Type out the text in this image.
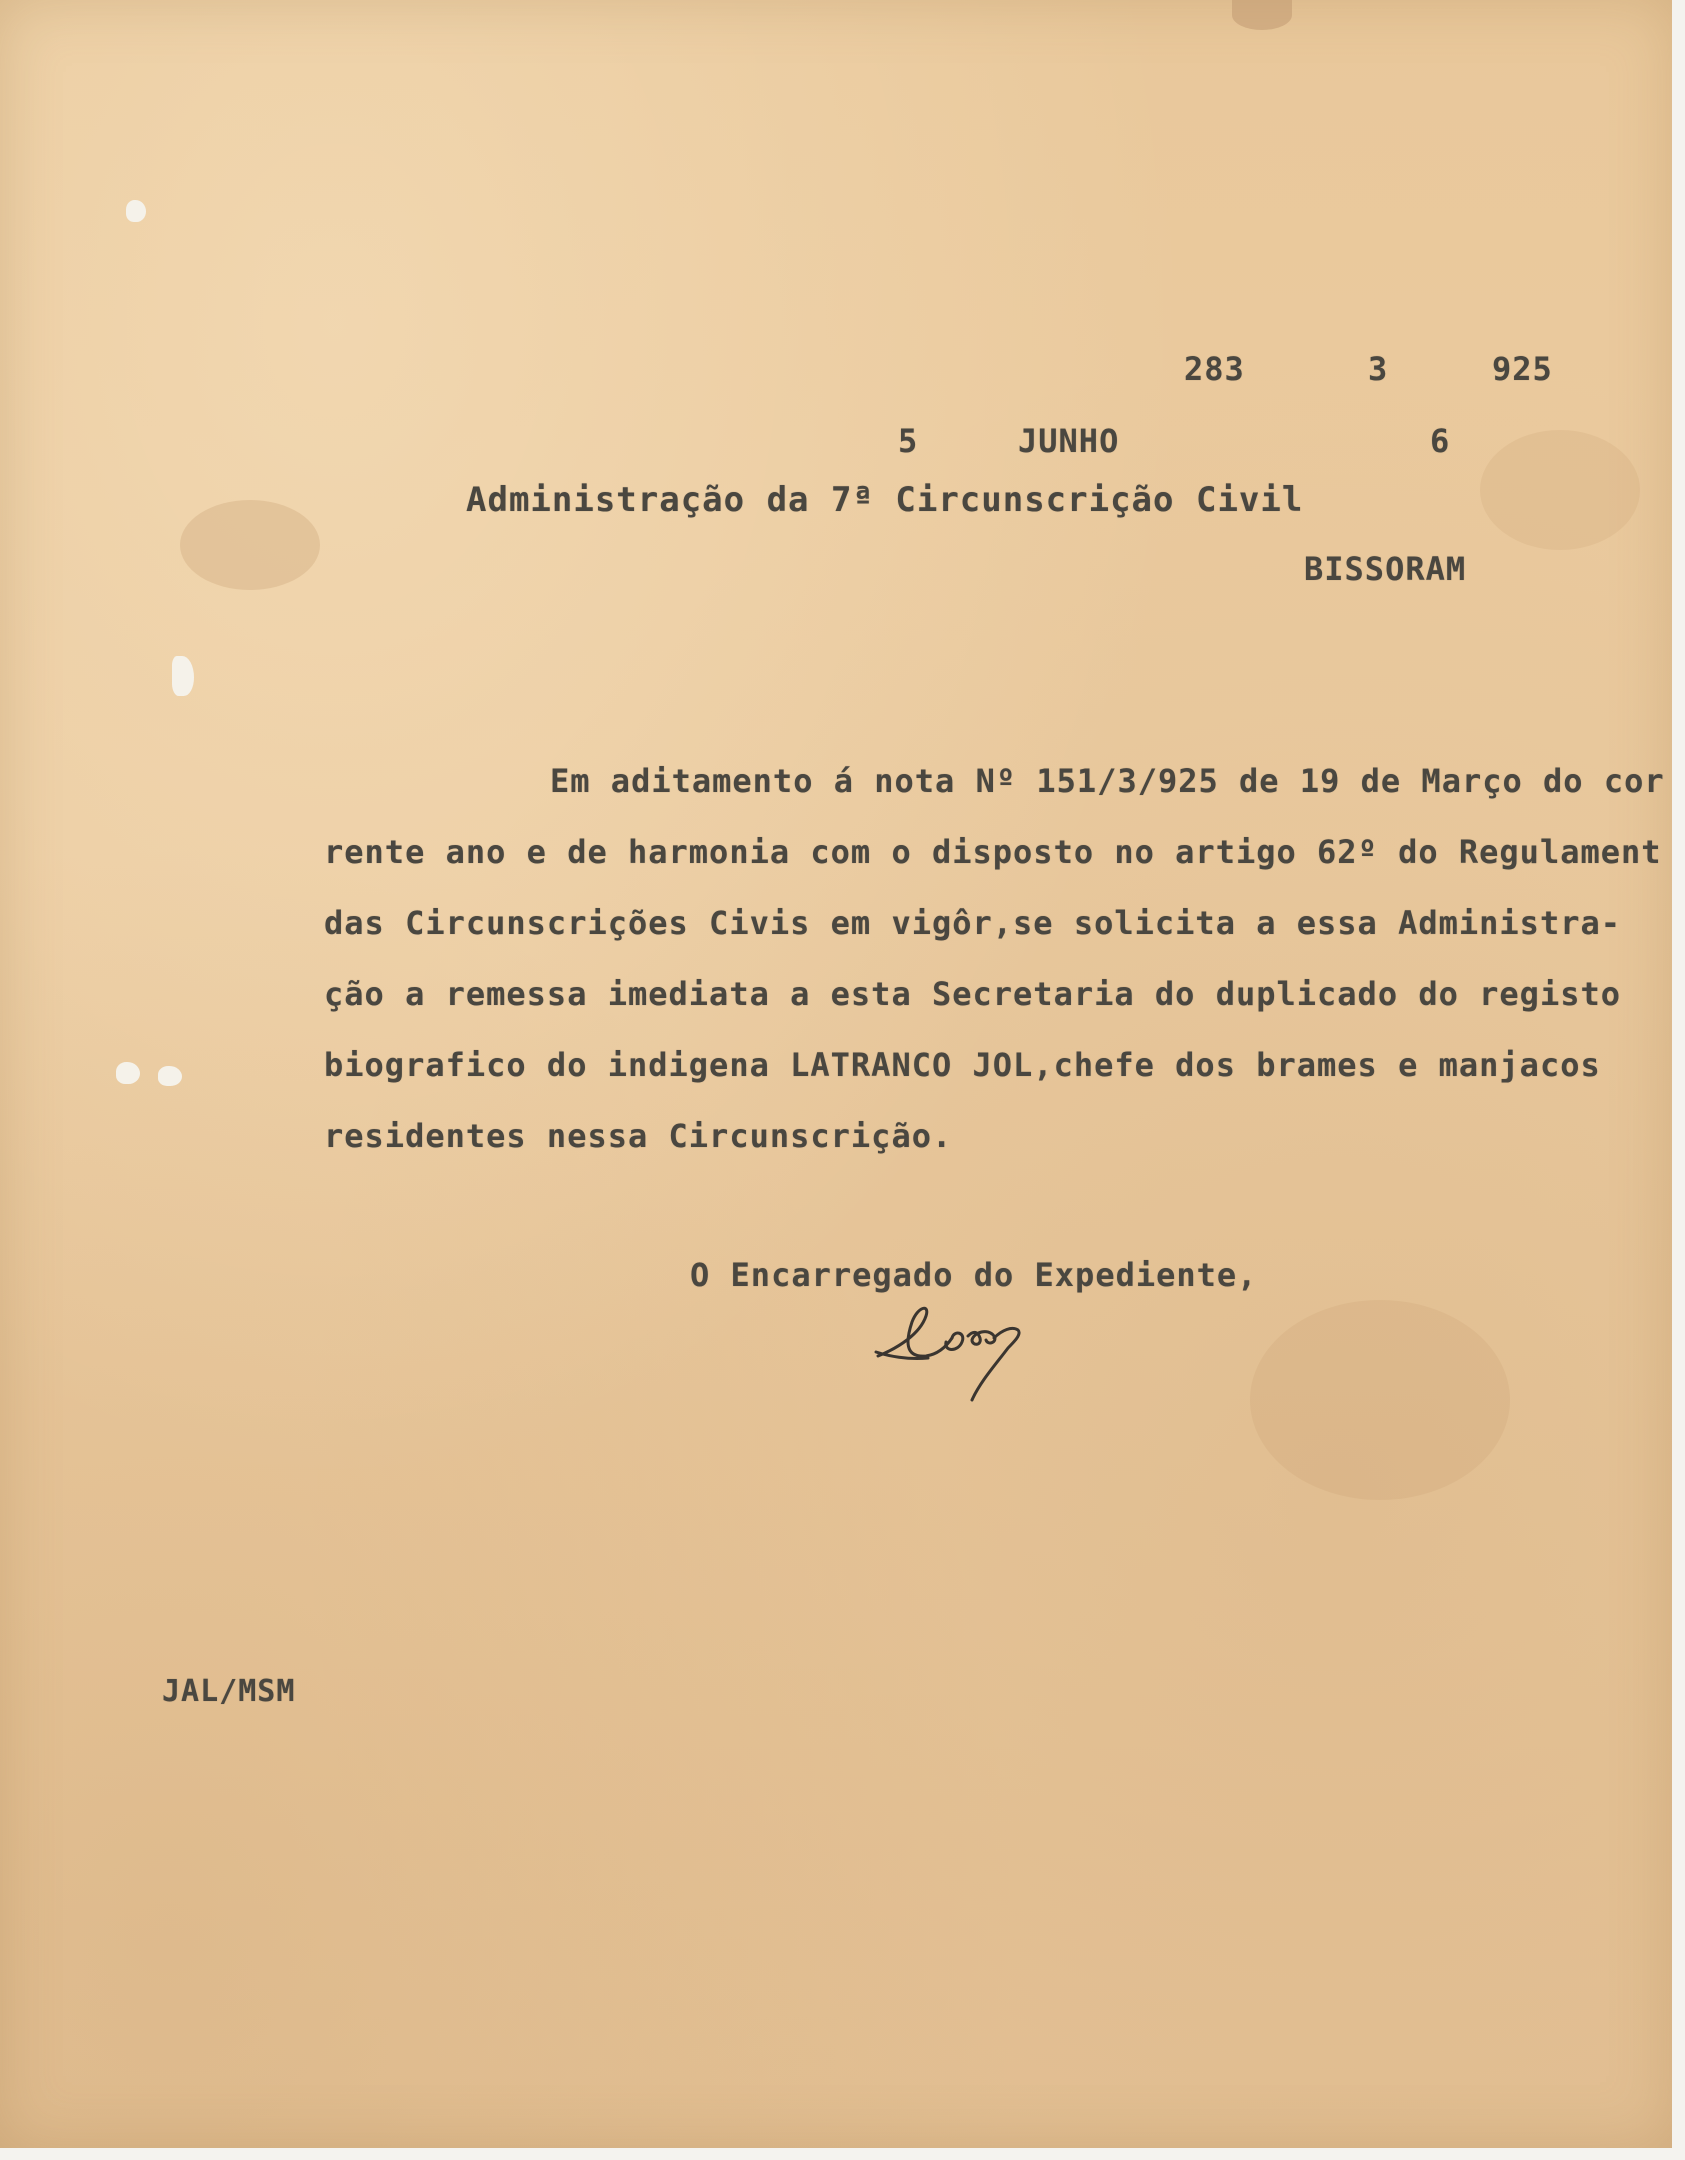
283	3	925
5	JUNHO	6
Administração da 7ª Circunscrição Civil
BISSORAM
Em aditamento á nota Nº 151/3/925 de 19 de Março do cor
rente ano e de harmonia com o disposto no artigo 62º do Regulament
das Circunscrições Civis em vigôr,se solicita a essa Administra-
ção a remessa imediata a esta Secretaria do duplicado do registo
biografico do indigena LATRANCO JOL,chefe dos brames e manjacos
residentes nessa Circunscrição.
O Encarregado do Expediente,
JAL/MSM
